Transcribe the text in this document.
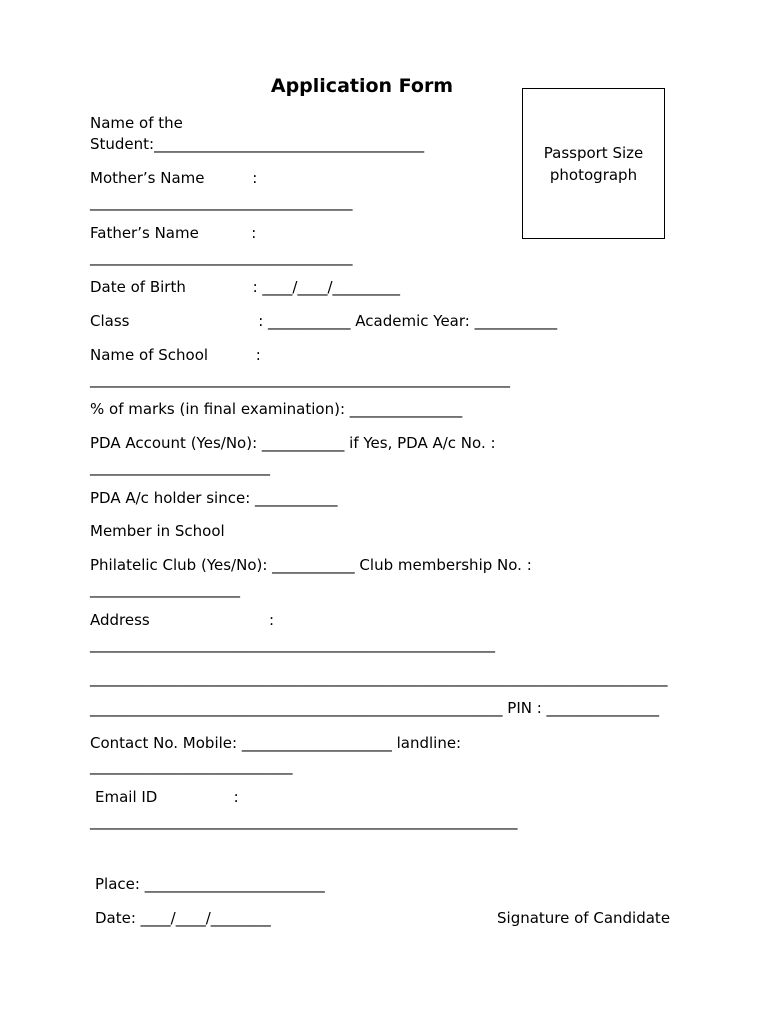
Application Form
Passport Size
photograph
Name of the
Student:____________________________________
Mother’s Name          :
___________________________________
Father’s Name           :
___________________________________
Date of Birth              : ____/____/_________
Class                           : ___________ Academic Year: ___________
Name of School          :
________________________________________________________
% of marks (in final examination): _______________
PDA Account (Yes/No): ___________ if Yes, PDA A/c No. :
________________________
PDA A/c holder since: ___________
Member in School
Philatelic Club (Yes/No): ___________ Club membership No. :
____________________
Address                         :
______________________________________________________
_____________________________________________________________________________
_______________________________________________________ PIN : _______________
Contact No. Mobile: ____________________ landline:
___________________________
Email ID                :
_________________________________________________________
Place: ________________________
Date: ____/____/________	Signature of Candidate
